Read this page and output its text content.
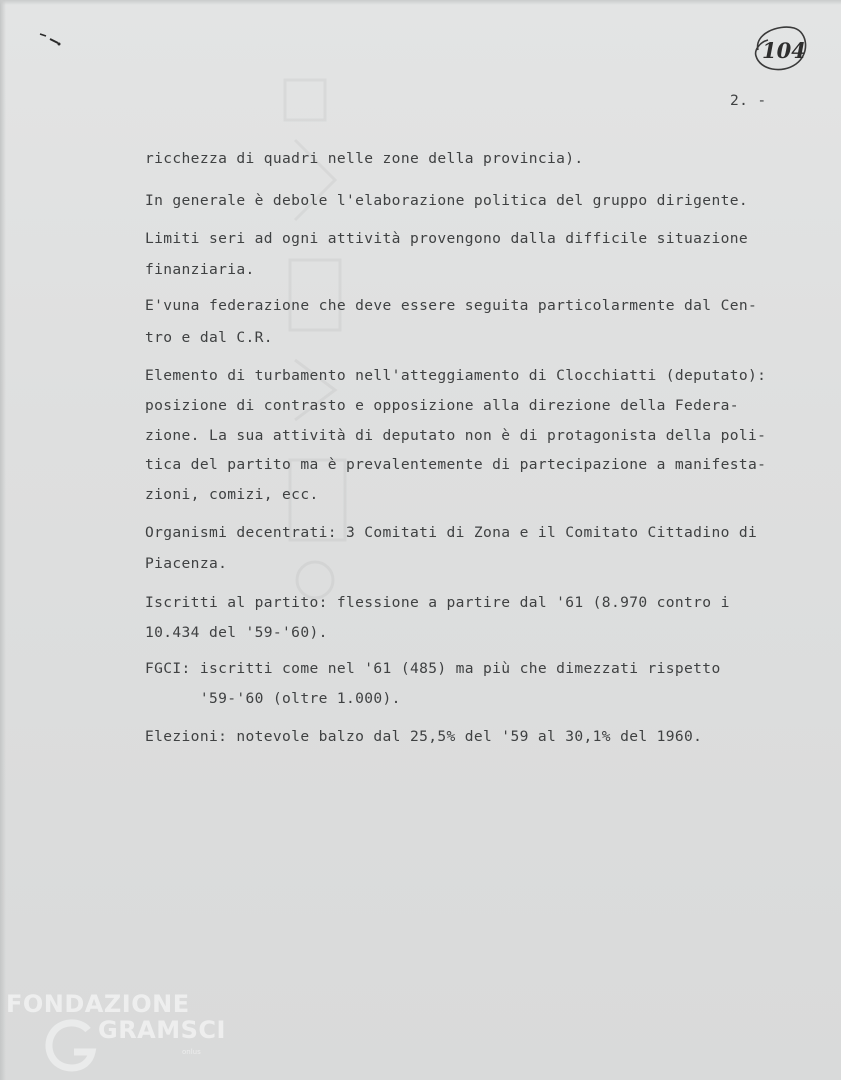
104
2. -
ricchezza di quadri nelle zone della provincia).
In generale è debole l'elaborazione politica del gruppo dirigente.
Limiti seri ad ogni attività provengono dalla difficile situazione
finanziaria.
E'vuna federazione che deve essere seguita particolarmente dal Cen-
tro e dal C.R.
Elemento di turbamento nell'atteggiamento di Clocchiatti (deputato):
posizione di contrasto e opposizione alla direzione della Federa-
zione. La sua attività di deputato non è di protagonista della poli-
tica del partito ma è prevalentemente di partecipazione a manifesta-
zioni, comizi, ecc.
Organismi decentrati: 3 Comitati di Zona e il Comitato Cittadino di
Piacenza.
Iscritti al partito: flessione a partire dal '61 (8.970 contro i
10.434 del '59-'60).
FGCI: iscritti come nel '61 (485) ma più che dimezzati rispetto
'59-'60 (oltre 1.000).
Elezioni: notevole balzo dal 25,5% del '59 al 30,1% del 1960.
FONDAZIONE
GRAMSCI
onlus
